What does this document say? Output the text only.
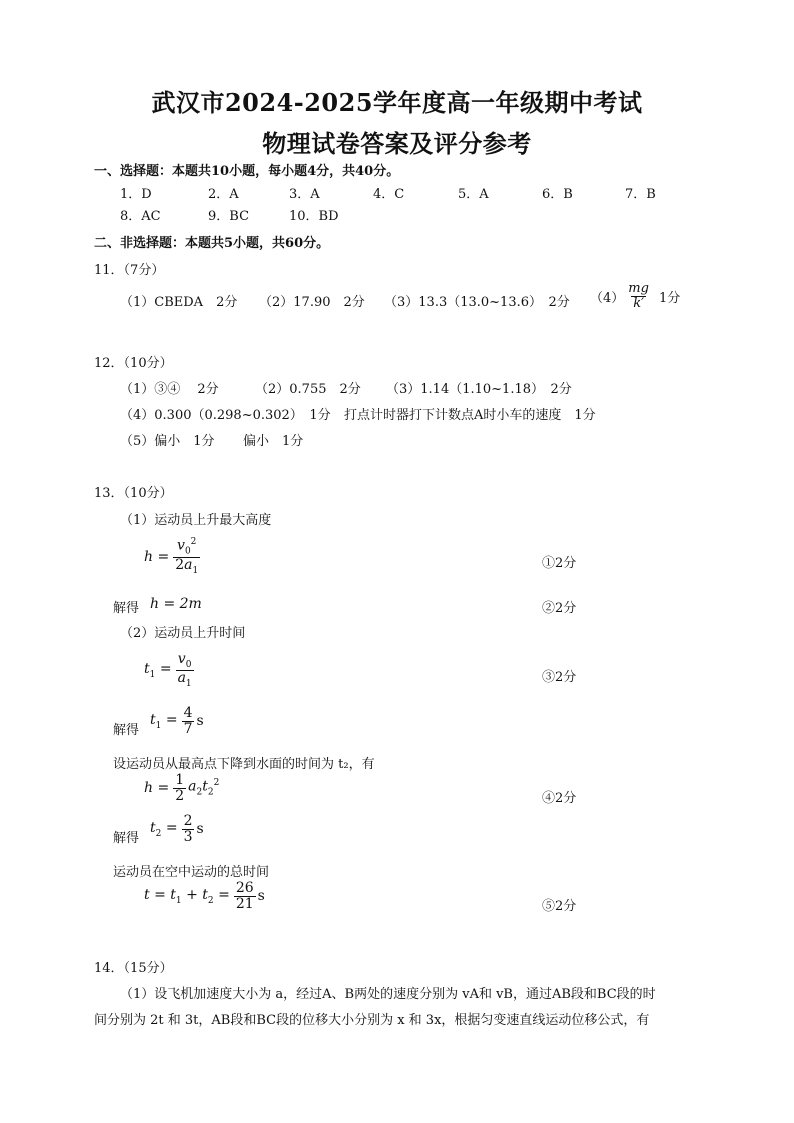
武汉市2024-2025学年度高一年级期中考试
物理试卷答案及评分参考
一、选择题：本题共10小题，每小题4分，共40分。
1．D	2．A	3．A	4．C	5．A	6．B	7．B
8．AC	9．BC	10．BD
二、非选择题：本题共5小题，共60分。
11．（7分）
（1）CBEDA　2分 （2）17.90　2分 （3）13.3（13.0~13.6）　2分 $(4) \frac{mg}{k'} 1$分
12．（10分）
（1）③④　 2分	（2）0.755　2分 （3）1.14（1.10~1.18）　2分
（4）0.300（0.298~0.302）　1分 打点计时器打下计数点A时小车的速度　1分
（5）偏小　1分 偏小　1分
13．（10分）
（1）运动员上升最大高度
$h = \frac{v_0^2}{2a_1}$	①2分
解得 h = 2m	②2分
（2）运动员上升时间
$t_1 = \frac{v_0}{a_1}$	③2分
解得
$t_1 = \frac{4}{7}$ s
设运动员从最高点下降到水面的时间为 t₂，有
$h = \frac{1}{2} a_2t_2^2$
④2分
解得
$t_2 = \frac{2}{3}$ s
运动员在空中运动的总时间
$t = t_1 + t_2 = \frac{26}{21}$ s
⑤2分
14．（15分）
（1）设飞机加速度大小为 a，经过A、B两处的速度分别为 vA和 vB，通过AB段和BC段的时
间分别为 2t 和 3t，AB段和BC段的位移大小分别为 x 和 3x，根据匀变速直线运动位移公式，有
